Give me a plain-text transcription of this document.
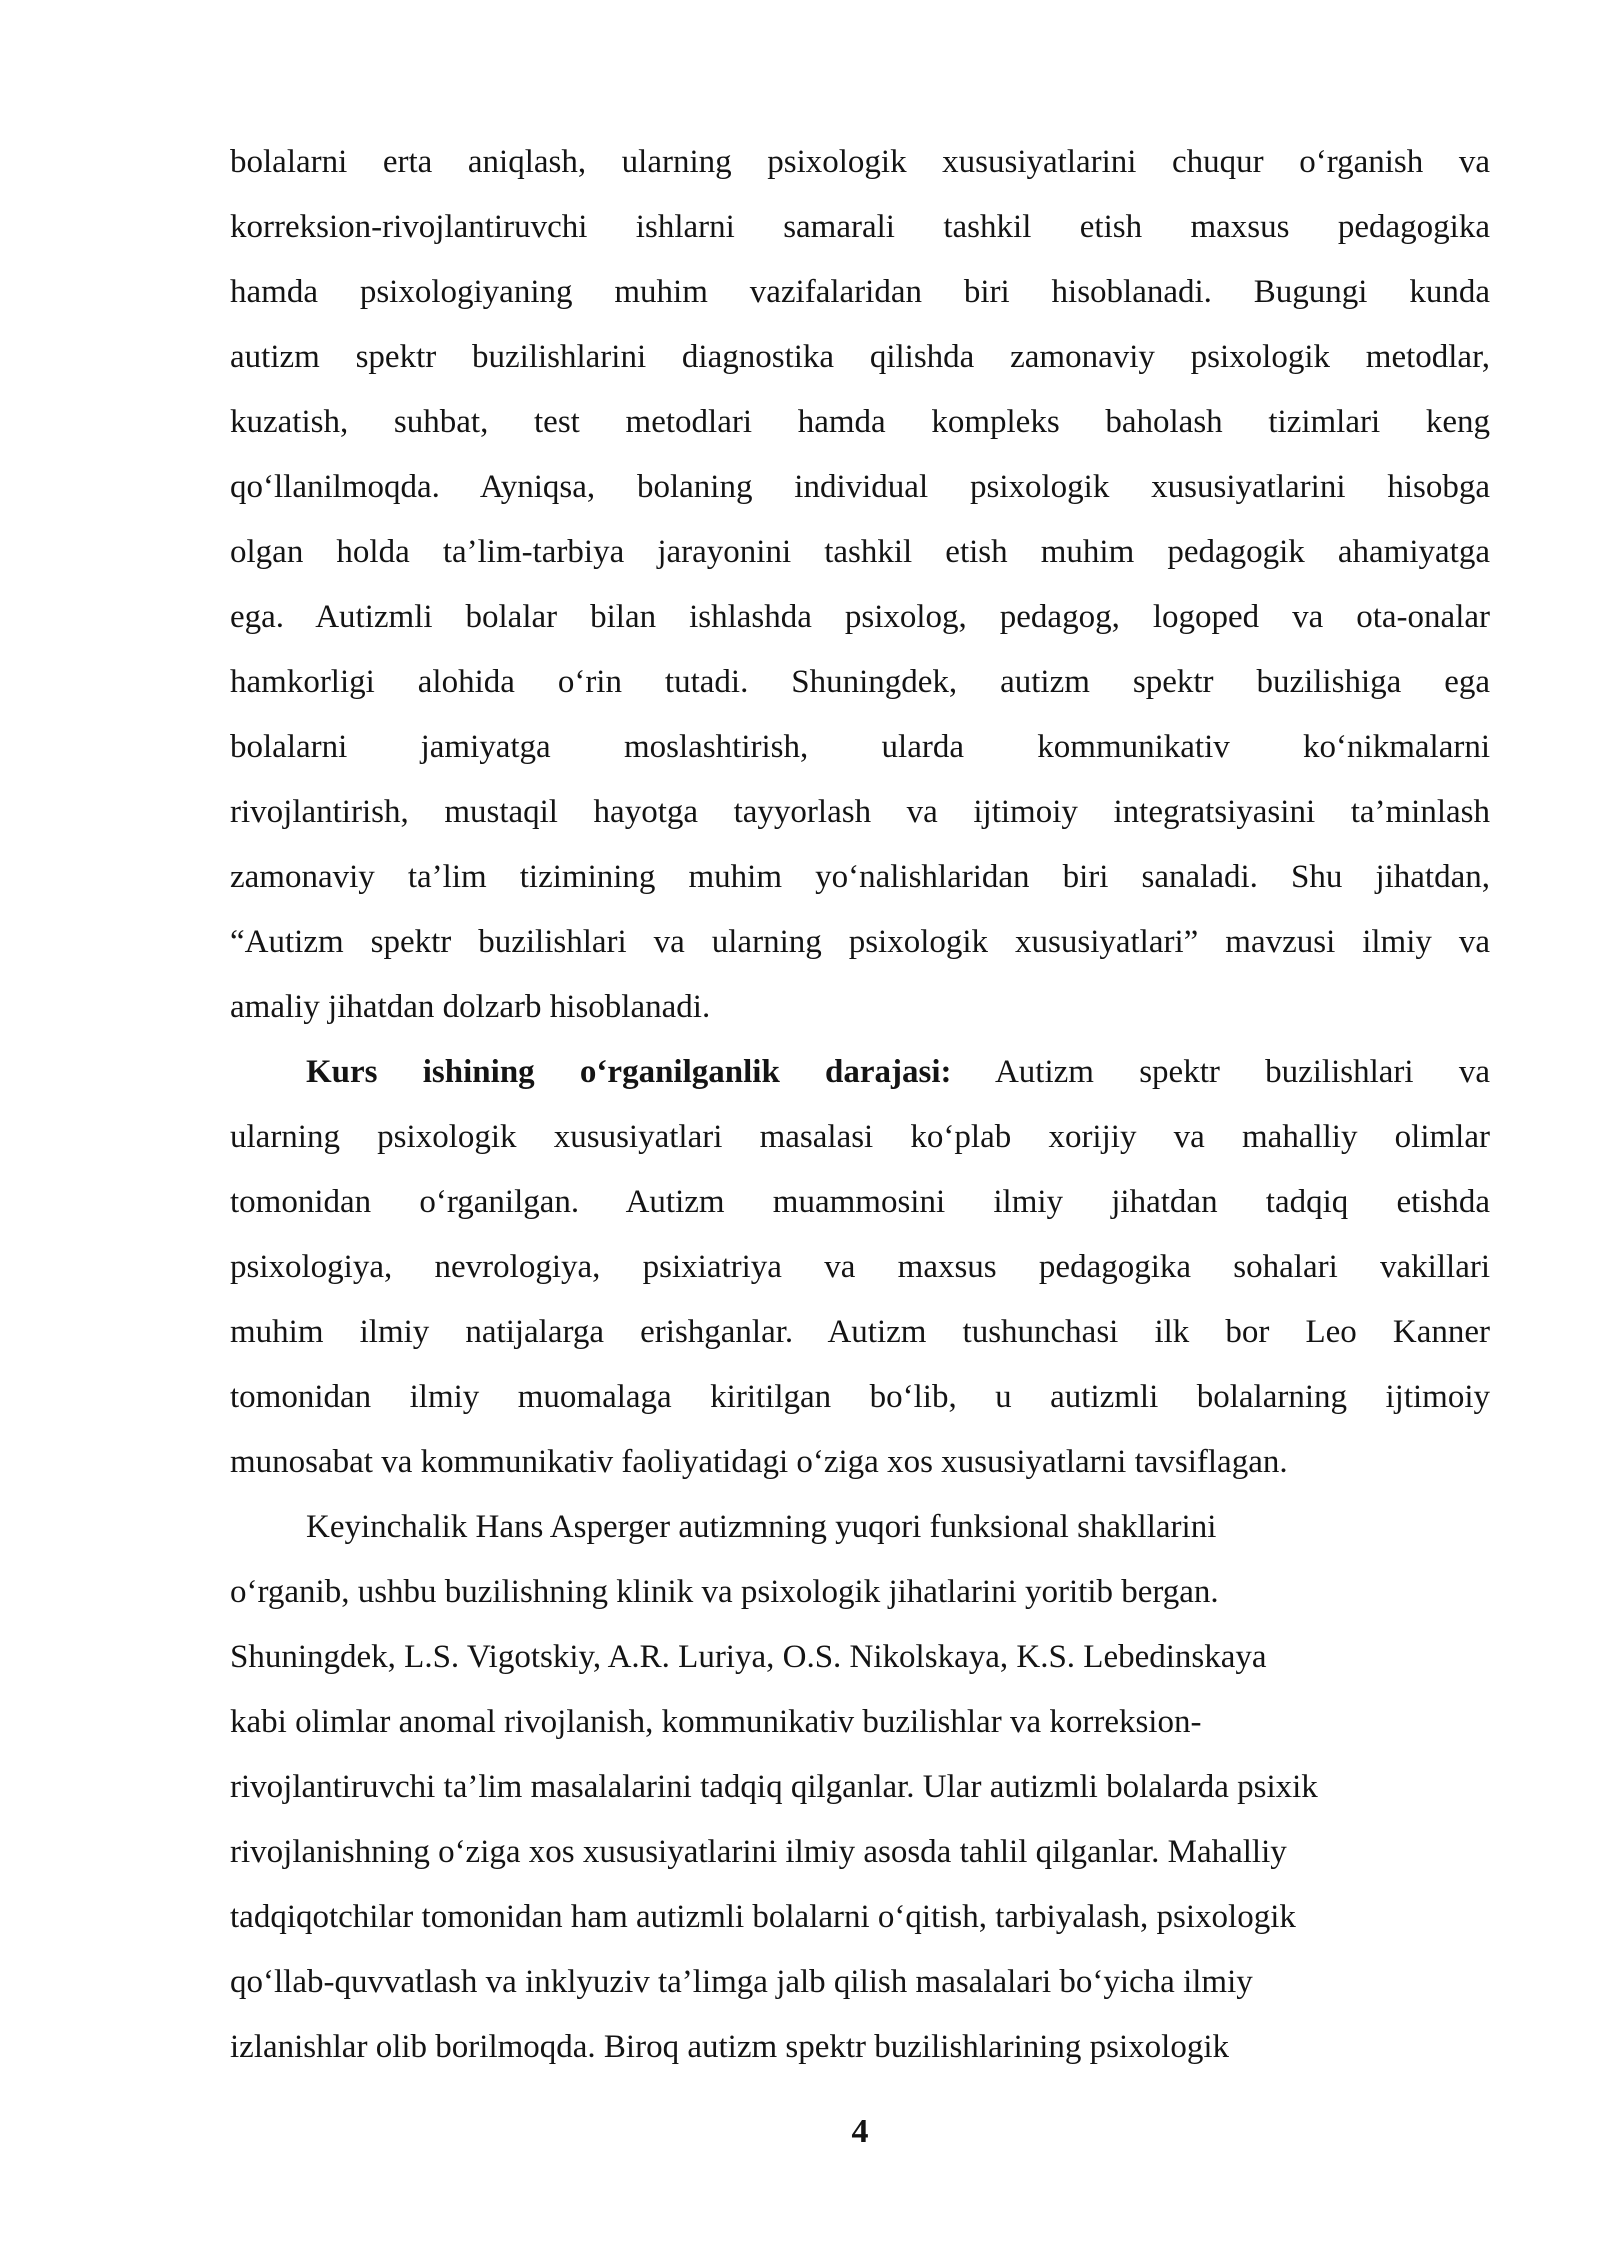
bolalarni erta aniqlash, ularning psixologik xususiyatlarini chuqur o‘rganish va
korreksion-rivojlantiruvchi ishlarni samarali tashkil etish maxsus pedagogika
hamda psixologiyaning muhim vazifalaridan biri hisoblanadi. Bugungi kunda
autizm spektr buzilishlarini diagnostika qilishda zamonaviy psixologik metodlar,
kuzatish, suhbat, test metodlari hamda kompleks baholash tizimlari keng
qo‘llanilmoqda. Ayniqsa, bolaning individual psixologik xususiyatlarini hisobga
olgan holda ta’lim-tarbiya jarayonini tashkil etish muhim pedagogik ahamiyatga
ega. Autizmli bolalar bilan ishlashda psixolog, pedagog, logoped va ota-onalar
hamkorligi alohida o‘rin tutadi. Shuningdek, autizm spektr buzilishiga ega
bolalarni jamiyatga moslashtirish, ularda kommunikativ ko‘nikmalarni
rivojlantirish, mustaqil hayotga tayyorlash va ijtimoiy integratsiyasini ta’minlash
zamonaviy ta’lim tizimining muhim yo‘nalishlaridan biri sanaladi. Shu jihatdan,
“Autizm spektr buzilishlari va ularning psixologik xususiyatlari” mavzusi ilmiy va
amaliy jihatdan dolzarb hisoblanadi.
Kurs ishining o‘rganilganlik darajasi: Autizm spektr buzilishlari va
ularning psixologik xususiyatlari masalasi ko‘plab xorijiy va mahalliy olimlar
tomonidan o‘rganilgan. Autizm muammosini ilmiy jihatdan tadqiq etishda
psixologiya, nevrologiya, psixiatriya va maxsus pedagogika sohalari vakillari
muhim ilmiy natijalarga erishganlar. Autizm tushunchasi ilk bor Leo Kanner
tomonidan ilmiy muomalaga kiritilgan bo‘lib, u autizmli bolalarning ijtimoiy
munosabat va kommunikativ faoliyatidagi o‘ziga xos xususiyatlarni tavsiflagan.
Keyinchalik Hans Asperger autizmning yuqori funksional shakllarini
o‘rganib, ushbu buzilishning klinik va psixologik jihatlarini yoritib bergan.
Shuningdek, L.S. Vigotskiy, A.R. Luriya, O.S. Nikolskaya, K.S. Lebedinskaya
kabi olimlar anomal rivojlanish, kommunikativ buzilishlar va korreksion-
rivojlantiruvchi ta’lim masalalarini tadqiq qilganlar. Ular autizmli bolalarda psixik
rivojlanishning o‘ziga xos xususiyatlarini ilmiy asosda tahlil qilganlar. Mahalliy
tadqiqotchilar tomonidan ham autizmli bolalarni o‘qitish, tarbiyalash, psixologik
qo‘llab-quvvatlash va inklyuziv ta’limga jalb qilish masalalari bo‘yicha ilmiy
izlanishlar olib borilmoqda. Biroq autizm spektr buzilishlarining psixologik
4
